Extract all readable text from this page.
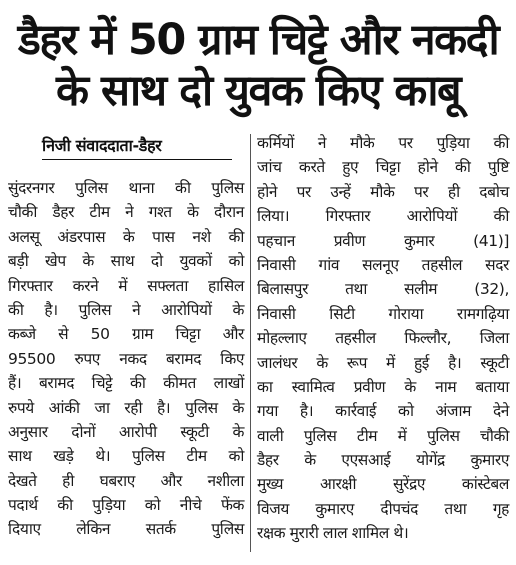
डैहर में 50 ग्राम चिट्टे और नकदी
के साथ दो युवक किए काबू
निजी संवाददाता-डैहर
सुंदरनगर पुलिस थाना की पुलिस
चौकी डैहर टीम ने गश्त के दौरान
अलसू अंडरपास के पास नशे की
बड़ी खेप के साथ दो युवकों को
गिरफ्तार करने में सफ्लता हासिल
की है। पुलिस ने आरोपियों के
कब्जे से 50 ग्राम चिट्टा और
95500 रुपए नकद बरामद किए
हैं। बरामद चिट्टे की कीमत लाखों
रुपये आंकी जा रही है। पुलिस के
अनुसार दोनों आरोपी स्कूटी के
साथ खड़े थे। पुलिस टीम को
देखते ही घबराए और नशीला
पदार्थ की पुड़िया को नीचे फेंक
दियाए लेकिन सतर्क पुलिस
कर्मियों ने मौके पर पुड़िया की
जांच करते हुए चिट्टा होने की पुष्टि
होने पर उन्हें मौके पर ही दबोच
लिया। गिरफ्तार आरोपियों की
पहचान प्रवीण कुमार (41)]
निवासी गांव सलनूए तहसील सदर
बिलासपुर तथा सलीम (32),
निवासी सिटी गोराया रामगढ़िया
मोहल्लाए तहसील फिल्लौर, जिला
जालंधर के रूप में हुई है। स्कूटी
का स्वामित्व प्रवीण के नाम बताया
गया है। कार्रवाई को अंजाम देने
वाली पुलिस टीम में पुलिस चौकी
डैहर के एएसआई योगेंद्र कुमारए
मुख्य आरक्षी सुरेंद्रए कांस्टेबल
विजय कुमारए दीपचंद तथा गृह
रक्षक मुरारी लाल शामिल थे।
